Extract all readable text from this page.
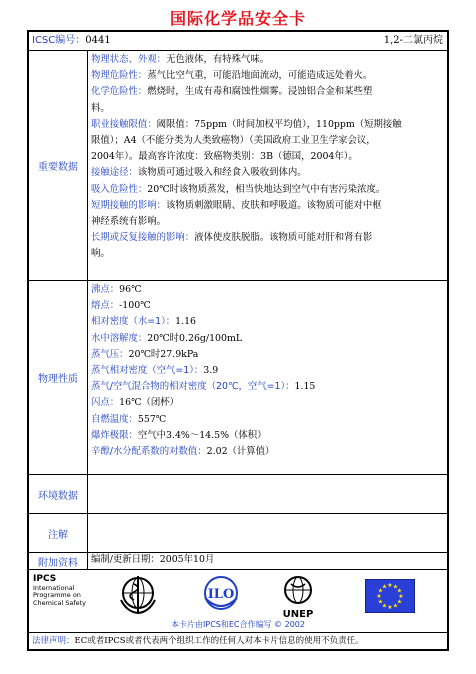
国际化学品安全卡
ICSC编号：0441	1,2-二氯丙烷
重要数据
物理状态、外观：无色液体，有特殊气味。
物理危险性：蒸气比空气重，可能沿地面流动，可能造成远处着火。
化学危险性：燃烧时，生成有毒和腐蚀性烟雾。浸蚀铝合金和某些塑
料。
职业接触限值：阈限值：75ppm（时间加权平均值），110ppm（短期接触
限值）；A4（不能分类为人类致癌物）（美国政府工业卫生学家会议，
2004年）。最高容许浓度：致癌物类别：3B（德国，2004年）。
接触途径：该物质可通过吸入和经食入吸收到体内。
吸入危险性：20℃时该物质蒸发，相当快地达到空气中有害污染浓度。
短期接触的影响：该物质刺激眼睛、皮肤和呼吸道。该物质可能对中枢
神经系统有影响。
长期或反复接触的影响：液体使皮肤脱脂。该物质可能对肝和肾有影
响。
物理性质
沸点：96℃
熔点：-100℃
相对密度（水=1）：1.16
水中溶解度：20℃时0.26g/100mL
蒸气压：20℃时27.9kPa
蒸气相对密度（空气=1）：3.9
蒸气/空气混合物的相对密度（20℃，空气=1）：1.15
闪点：16℃（闭杯）
自燃温度：557℃
爆炸极限：空气中3.4%～14.5%（体积）
辛醇/水分配系数的对数值：2.02（计算值）
环境数据
注解
附加资料	编制/更新日期：2005年10月
IPCS
International
Programme on
Chemical Safety
ILO
UNEP
★
★
★
★
★
★
★
★
★ ★ ★
★
本卡片由IPCS和EC合作编写 © 2002
法律声明：EC或者IPCS或者代表两个组织工作的任何人对本卡片信息的使用不负责任。
